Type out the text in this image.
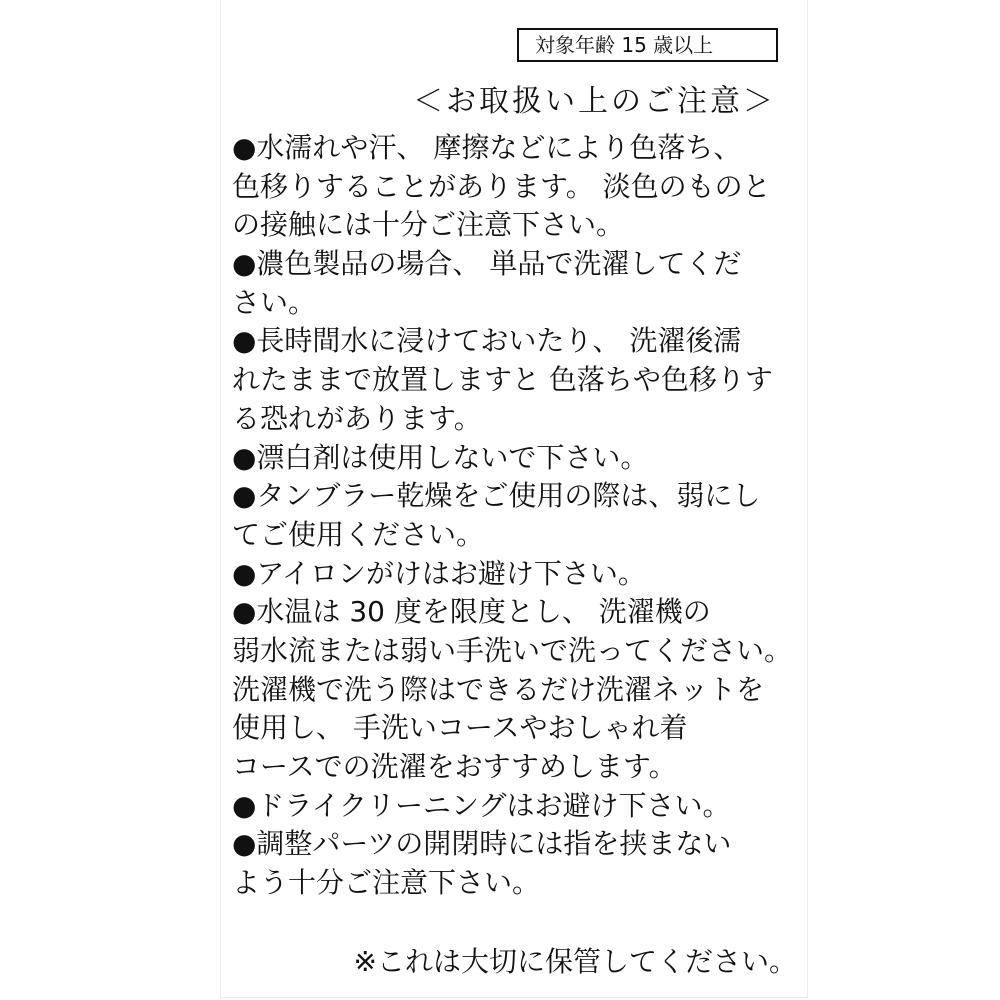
対象年齢 15 歳以上
＜お取扱い上のご注意＞
●水濡れや汗、 摩擦などにより色落ち、
色移りすることがあります。 淡色のものと
の接触には十分ご注意下さい。
●濃色製品の場合、 単品で洗濯してくだ
さい。
●長時間水に浸けておいたり、 洗濯後濡
れたままで放置しますと 色落ちや色移りす
る恐れがあります。
●漂白剤は使用しないで下さい。
●タンブラー乾燥をご使用の際は、弱にし
てご使用ください。
●アイロンがけはお避け下さい。
●水温は 30 度を限度とし、 洗濯機の
弱水流または弱い手洗いで洗ってください。
洗濯機で洗う際はできるだけ洗濯ネットを
使用し、 手洗いコースやおしゃれ着
コースでの洗濯をおすすめします。
●ドライクリーニングはお避け下さい。
●調整パーツの開閉時には指を挟まない
よう十分ご注意下さい。
※これは大切に保管してください。
